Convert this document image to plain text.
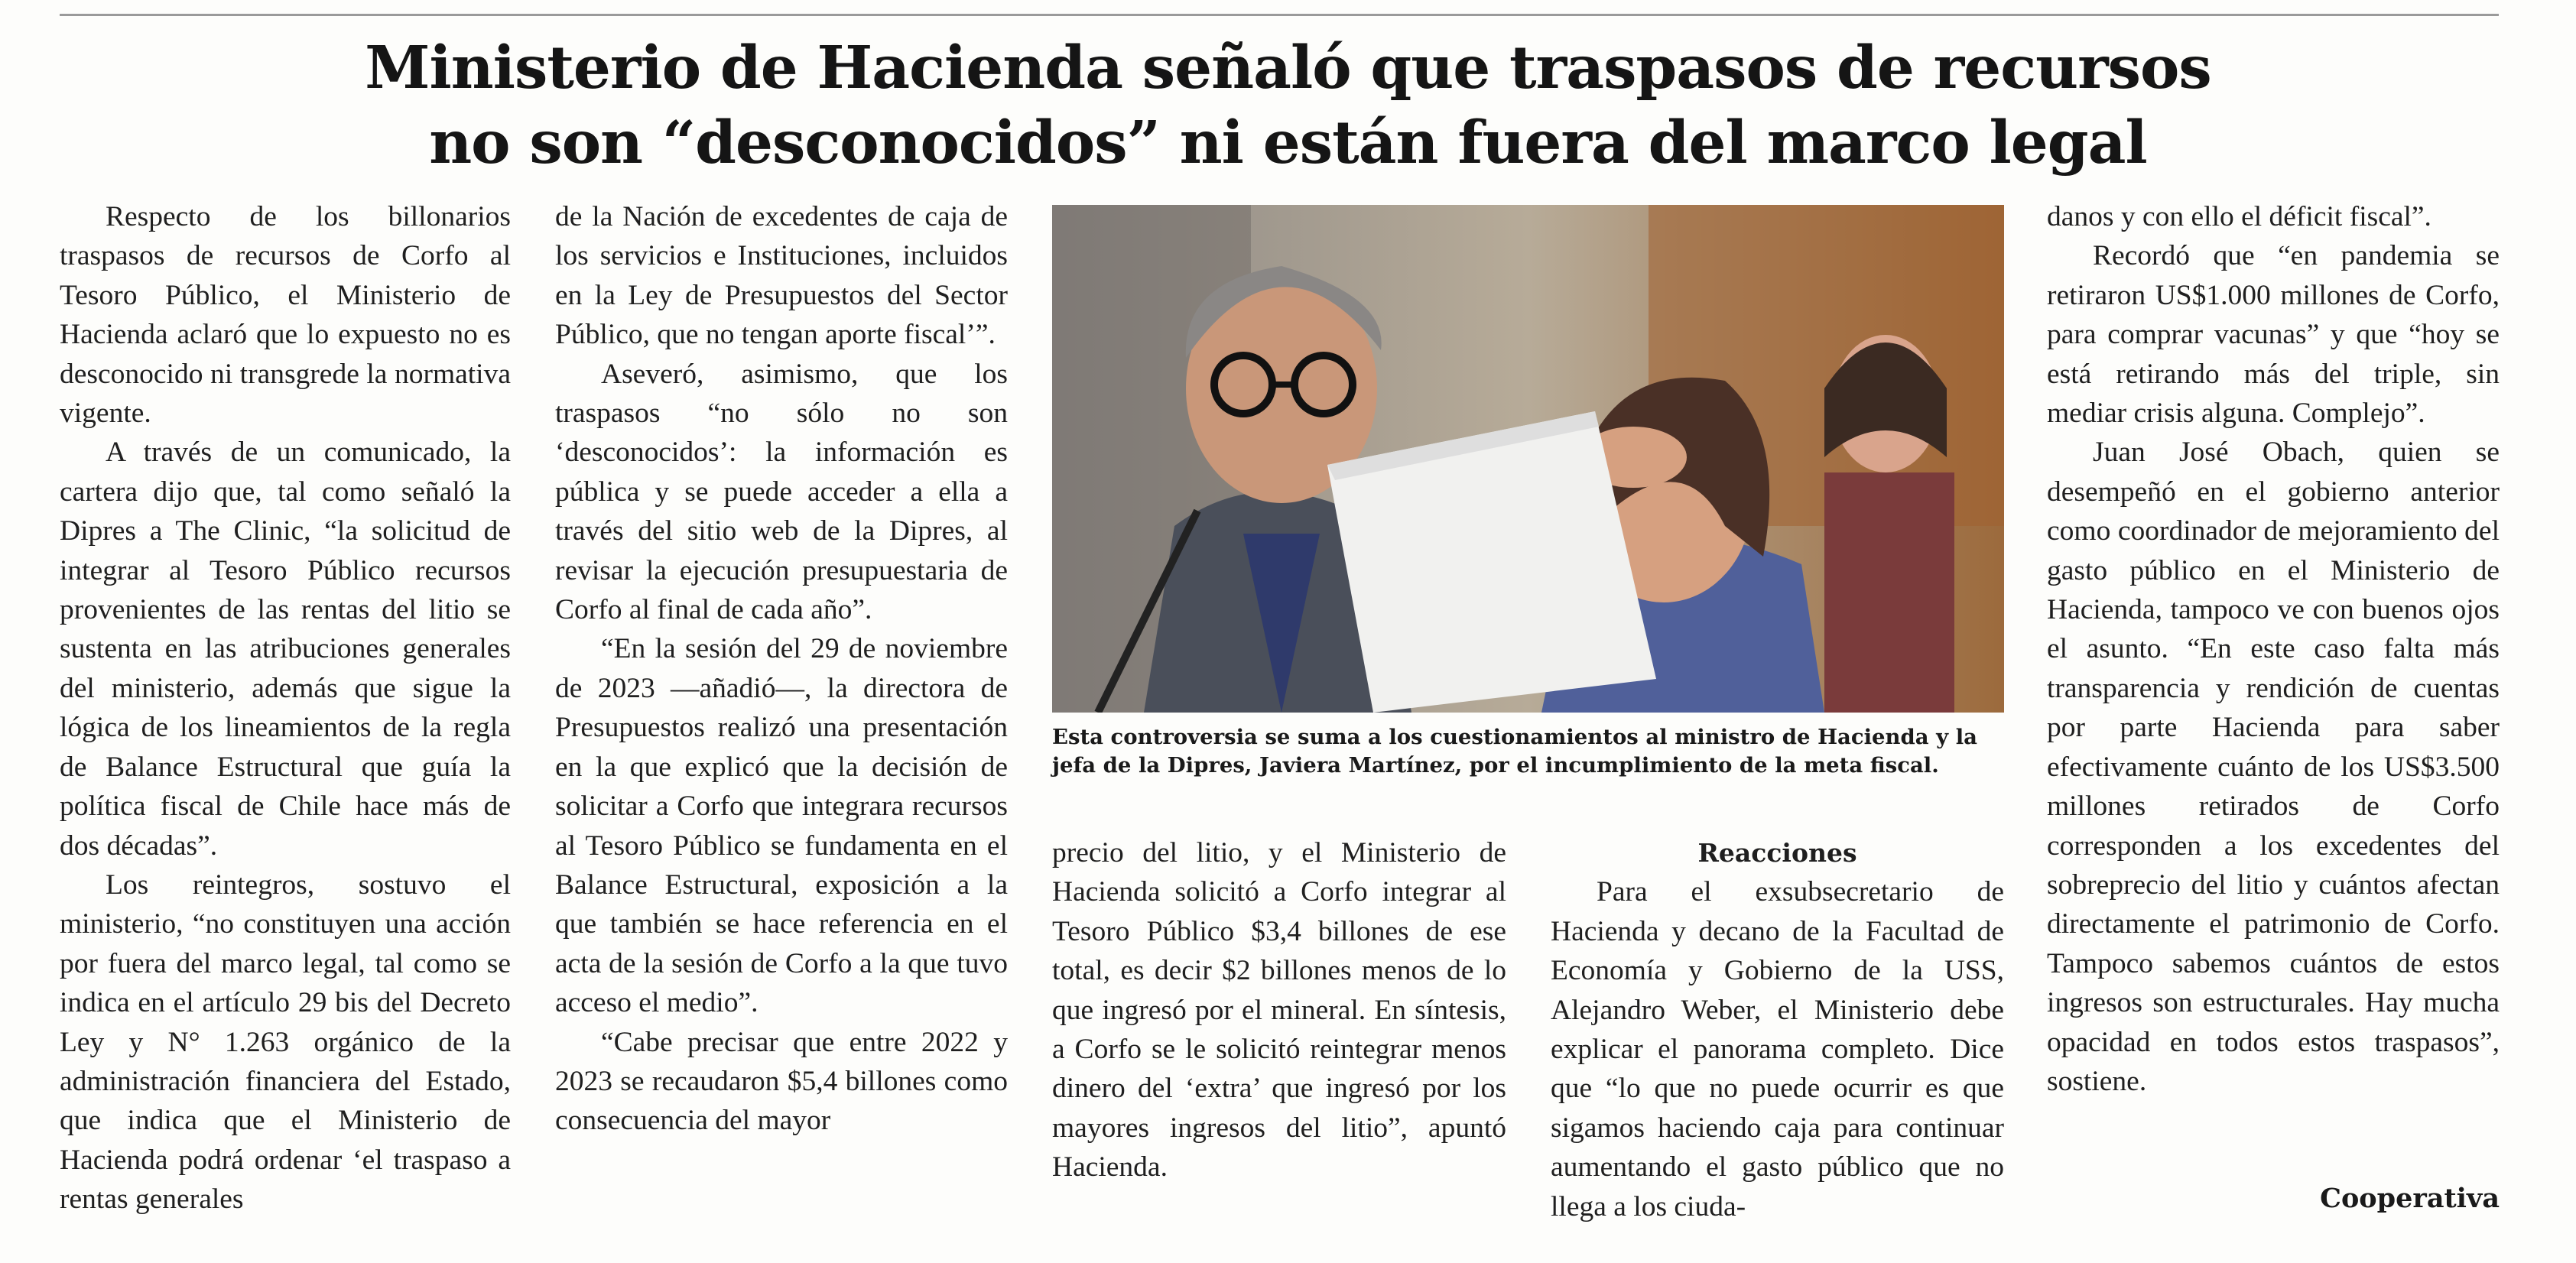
Ministerio de Hacienda señaló que traspasos de recursos
no son “desconocidos” ni están fuera del marco legal

Respecto de los billonarios traspasos de recursos de Corfo al Tesoro Público, el Ministerio de Hacienda aclaró que lo expuesto no es desconocido ni transgrede la normativa vigente.

A través de un comunicado, la cartera dijo que, tal como señaló la Dipres a The Clinic, “la solicitud de integrar al Tesoro Público recursos provenientes de las rentas del litio se sustenta en las atribuciones generales del ministerio, además que sigue la lógica de los lineamientos de la regla de Balance Estructural que guía la política fiscal de Chile hace más de dos décadas”.

Los reintegros, sostuvo el ministerio, “no constituyen una acción por fuera del marco legal, tal como se indica en el artículo 29 bis del Decreto Ley y N° 1.263 orgánico de la administración financiera del Estado, que indica que el Ministerio de Hacienda podrá ordenar ‘el traspaso a rentas generales

de la Nación de excedentes de caja de los servicios e Instituciones, incluidos en la Ley de Presupuestos del Sector Público, que no tengan aporte fiscal’”.

Aseveró, asimismo, que los traspasos “no sólo no son ‘desconocidos’: la información es pública y se puede acceder a ella a través del sitio web de la Dipres, al revisar la ejecución presupuestaria de Corfo al final de cada año”.

“En la sesión del 29 de noviembre de 2023 —añadió—, la directora de Presupuestos realizó una presentación en la que explicó que la decisión de solicitar a Corfo que integrara recursos al Tesoro Público se fundamenta en el Balance Estructural, exposición a la que también se hace referencia en el acta de la sesión de Corfo a la que tuvo acceso el medio”.

“Cabe precisar que entre 2022 y 2023 se recaudaron $5,4 billones como consecuencia del mayor

Esta controversia se suma a los cuestionamientos al ministro de Hacienda y la jefa de la Dipres, Javiera Martínez, por el incumplimiento de la meta fiscal.

precio del litio, y el Ministerio de Hacienda solicitó a Corfo integrar al Tesoro Público $3,4 billones de ese total, es decir $2 billones menos de lo que ingresó por el mineral. En síntesis, a Corfo se le solicitó reintegrar menos dinero del ‘extra’ que ingresó por los mayores ingresos del litio”, apuntó Hacienda.

Reacciones

Para el exsubsecretario de Hacienda y decano de la Facultad de Economía y Gobierno de la USS, Alejandro Weber, el Ministerio debe explicar el panorama completo. Dice que “lo que no puede ocurrir es que sigamos haciendo caja para continuar aumentando el gasto público que no llega a los ciuda-

danos y con ello el déficit fiscal”.

Recordó que “en pandemia se retiraron US$1.000 millones de Corfo, para comprar vacunas” y que “hoy se está retirando más del triple, sin mediar crisis alguna. Complejo”.

Juan José Obach, quien se desempeñó en el gobierno anterior como coordinador de mejoramiento del gasto público en el Ministerio de Hacienda, tampoco ve con buenos ojos el asunto. “En este caso falta más transparencia y rendición de cuentas por parte Hacienda para saber efectivamente cuánto de los US$3.500 millones retirados de Corfo corresponden a los excedentes del sobreprecio del litio y cuántos afectan directamente el patrimonio de Corfo. Tampoco sabemos cuántos de estos ingresos son estructurales. Hay mucha opacidad en todos estos traspasos”, sostiene.

Cooperativa
